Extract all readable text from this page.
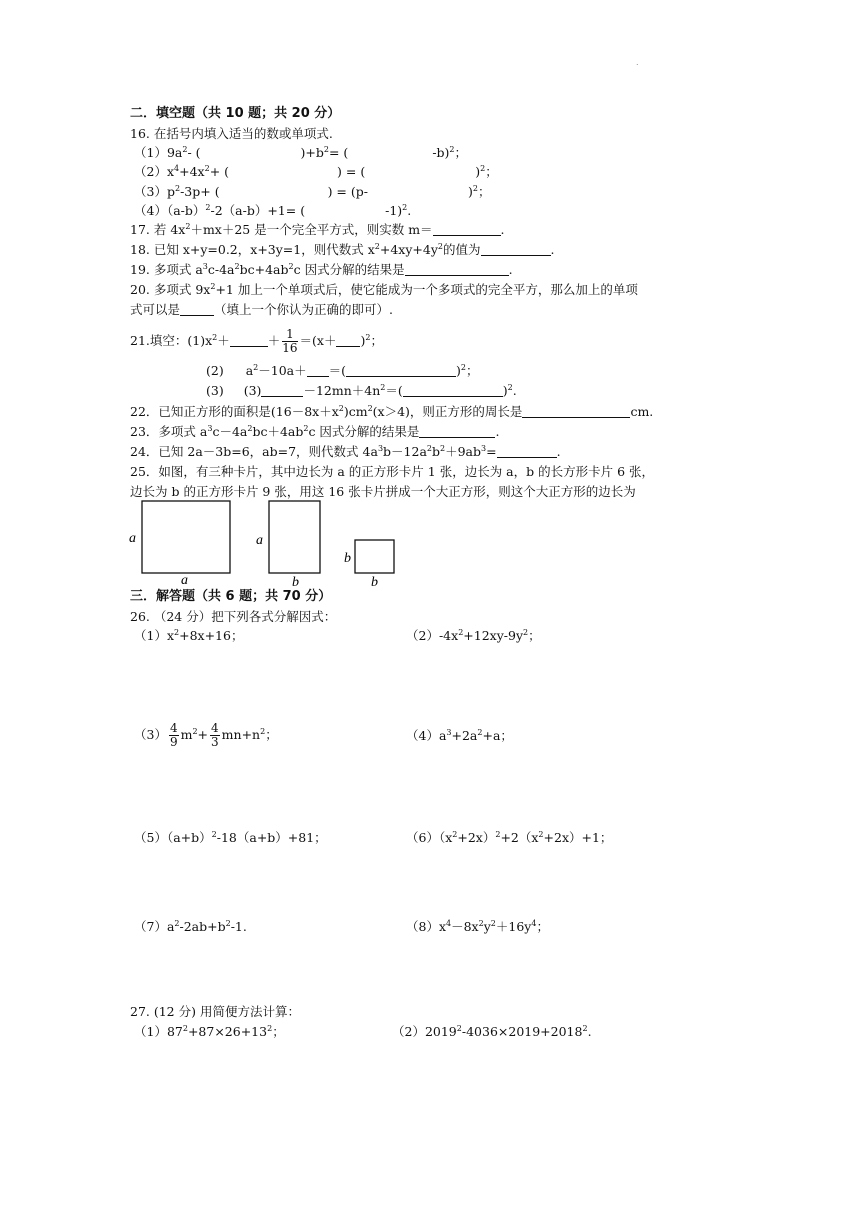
.
二．填空题（共 10 题；共 20 分）
16. 在括号内填入适当的数或单项式.
$(1)9a^2-$ (	)$+b^2=$ (	-b)$^2$；
$(2)x^4+4x^2+$ (	) = (	)$^2$；
$(3)p^2-3p+$ (	) = (p-	)$^2$；
$(4)(a-b)^2-2(a-b)+1=$ (	-1)$^2$.
17. 若 $4x^2+mx+25$ 是一个完全平方式，则实数 m＝	.
18. 已知 x+y=0.2，x+3y=1，则代数式 $x^2+4xy+4y^2$的值为	.
19. 多项式 $a^3c-4a^2bc+4ab^2c$ 因式分解的结果是	.
20. 多项式 $9x^2+1$ 加上一个单项式后，使它能成为一个多项式的完全平方，那么加上的单项
式可以是	（填上一个你认为正确的即可）.
21.填空：$(1)x^2+$	＋ $\frac{1}{16} =(x+ )^2$；
(2) $a^2-10a+$ ＝(	)$^2$；
(3) (3)	$-12mn+4n^2=$(	)$^2$.
22．已知正方形的面积是$(16-8x+x^2)cm^2(x>4)$，则正方形的周长是	cm.
23．多项式 $a^3c-4a^2bc+4ab^2c$ 因式分解的结果是	.
24．已知 2a－3b=6，ab=7，则代数式 $4a^3b-12a^2b^2+9ab^3=$	.
25．如图，有三种卡片，其中边长为 a 的正方形卡片 1 张，边长为 a，b 的长方形卡片 6 张，
边长为 b 的正方形卡片 9 张，用这 16 张卡片拼成一个大正方形，则这个大正方形的边长为
a
a
a
b
b
b
三．解答题（共 6 题；共 70 分）
26. （24 分）把下列各式分解因式：
$(1)x^2+8x+16$；	$(2)-4x^2+12xy-9y^2$；
$(3) \frac{4}{9} m^2+ \frac{4}{3} mn+n^2$；	$(4)a^3+2a^2+a$；
$(5)(a+b)^2-18(a+b)+81$；	$(6)(x^2+2x)^2+2(x^2+2x)+1$；
$(7)a^2-2ab+b^2-1$.	$(8)x^4-8x^2y^2+16y^4$；
27. (12 分) 用简便方法计算：
$(1)87^2+87\times 26+13^2$；	$(2)2019^2-4036\times 2019+2018^2$.
